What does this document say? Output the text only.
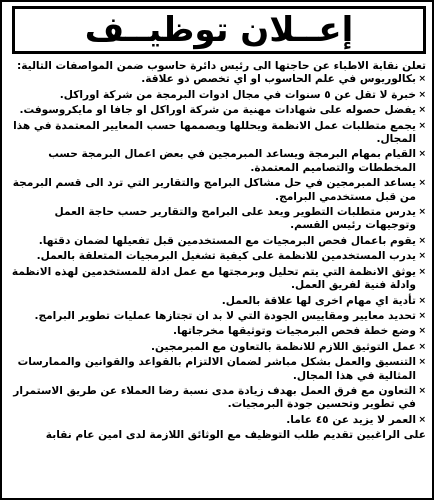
إعــلان توظيــف

تعلن نقابة الاطباء عن حاجتها الى رئيس دائرة حاسوب ضمن المواصفات التالية:

×
بكالوريوس في علم الحاسوب او اي تخصص ذو علاقة.
×
خبرة لا تقل عن ٥ سنوات في مجال ادوات البرمجة من شركة اوراكل.
×
يفضل حصوله على شهادات مهنية من شركة اوراكل او جافا او مايكروسوفت.
×
يجمع متطلبات عمل الانظمة ويحللها ويصممها حسب المعايير المعتمدة في هذا المجال.
×
القيام بمهام البرمجة ويساعد المبرمجين في بعض اعمال البرمجة حسب المخططات والتصاميم المعتمدة.
×
يساعد المبرمجين في حل مشاكل البرامج والتقارير التي ترد الى قسم البرمجة من قبل مستخدمي البرامج.
×
يدرس متطلبات التطوير ويعد على البرامج والتقارير حسب حاجة العمل وتوجيهات رئيس القسم.
×
يقوم باعمال فحص البرمجيات مع المستخدمين قبل تفعيلها لضمان دقتها.
×
يدرب المستخدمين للانظمة على كيفية تشغيل البرمجيات المتعلقة بالعمل.
×
يوثق الانظمة التي يتم تحليل وبرمجتها مع عمل ادلة للمستخدمين لهذه الانظمة وادلة فنية لفريق العمل.
×
تأدية اي مهام اخرى لها علاقة بالعمل.
×
تحديد معايير ومقاييس الجودة التي لا بد ان تجتازها عمليات تطوير البرامج.
×
وضع خطة فحص البرمجيات وتوثيقها مخرجاتها.
×
عمل التوثيق اللازم للانظمة بالتعاون مع المبرمجين.
×
التنسيق والعمل بشكل مباشر لضمان الالتزام بالقواعد والقوانين والممارسات المثالية في هذا المجال.
×
التعاون مع فرق العمل بهدف زيادة مدى نسبة رضا العملاء عن طريق الاستمرار في تطوير وتحسين جودة البرمجيات.
×
العمر لا يزيد عن ٤٥ عاما.

على الراغبين تقديم طلب التوظيف مع الوثائق اللازمة لدى امين عام نقابة
